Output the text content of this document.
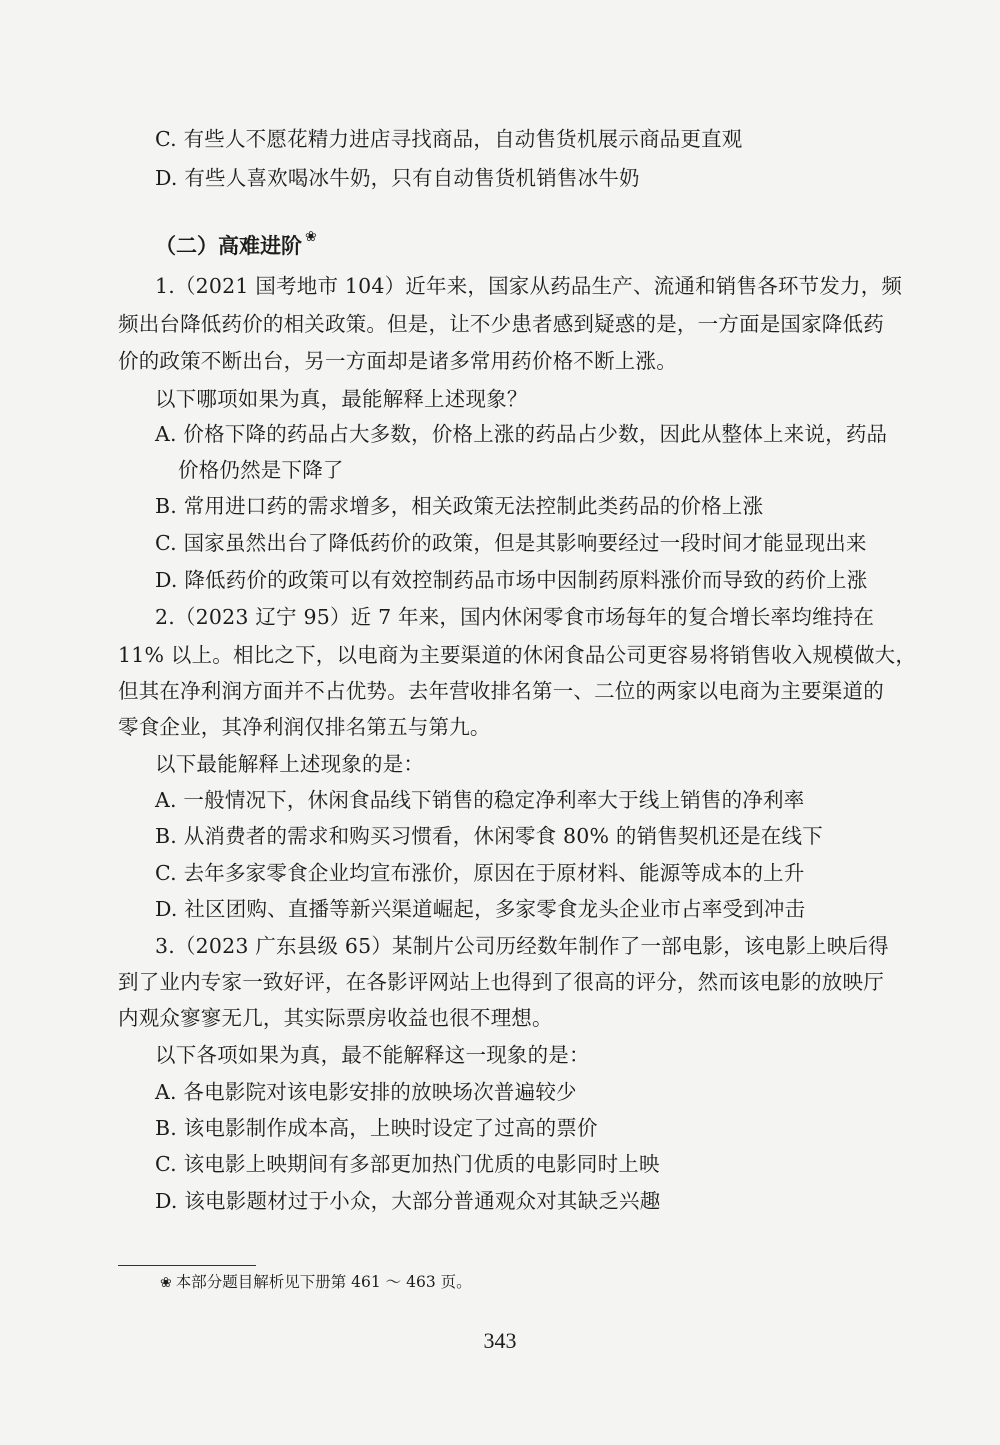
C. 有些人不愿花精力进店寻找商品，自动售货机展示商品更直观
D. 有些人喜欢喝冰牛奶，只有自动售货机销售冰牛奶
（二）高难进阶 ❀
1.（2021 国考地市 104）近年来，国家从药品生产、流通和销售各环节发力，频
频出台降低药价的相关政策。但是，让不少患者感到疑惑的是，一方面是国家降低药
价的政策不断出台，另一方面却是诸多常用药价格不断上涨。
以下哪项如果为真，最能解释上述现象？
A. 价格下降的药品占大多数，价格上涨的药品占少数，因此从整体上来说，药品
价格仍然是下降了
B. 常用进口药的需求增多，相关政策无法控制此类药品的价格上涨
C. 国家虽然出台了降低药价的政策，但是其影响要经过一段时间才能显现出来
D. 降低药价的政策可以有效控制药品市场中因制药原料涨价而导致的药价上涨
2.（2023 辽宁 95）近 7 年来，国内休闲零食市场每年的复合增长率均维持在
11% 以上。相比之下，以电商为主要渠道的休闲食品公司更容易将销售收入规模做大，
但其在净利润方面并不占优势。去年营收排名第一、二位的两家以电商为主要渠道的
零食企业，其净利润仅排名第五与第九。
以下最能解释上述现象的是：
A. 一般情况下，休闲食品线下销售的稳定净利率大于线上销售的净利率
B. 从消费者的需求和购买习惯看，休闲零食 80% 的销售契机还是在线下
C. 去年多家零食企业均宣布涨价，原因在于原材料、能源等成本的上升
D. 社区团购、直播等新兴渠道崛起，多家零食龙头企业市占率受到冲击
3.（2023 广东县级 65）某制片公司历经数年制作了一部电影，该电影上映后得
到了业内专家一致好评，在各影评网站上也得到了很高的评分，然而该电影的放映厅
内观众寥寥无几，其实际票房收益也很不理想。
以下各项如果为真，最不能解释这一现象的是：
A. 各电影院对该电影安排的放映场次普遍较少
B. 该电影制作成本高，上映时设定了过高的票价
C. 该电影上映期间有多部更加热门优质的电影同时上映
D. 该电影题材过于小众，大部分普通观众对其缺乏兴趣
❀ 本部分题目解析见下册第 461 ～ 463 页。
343
